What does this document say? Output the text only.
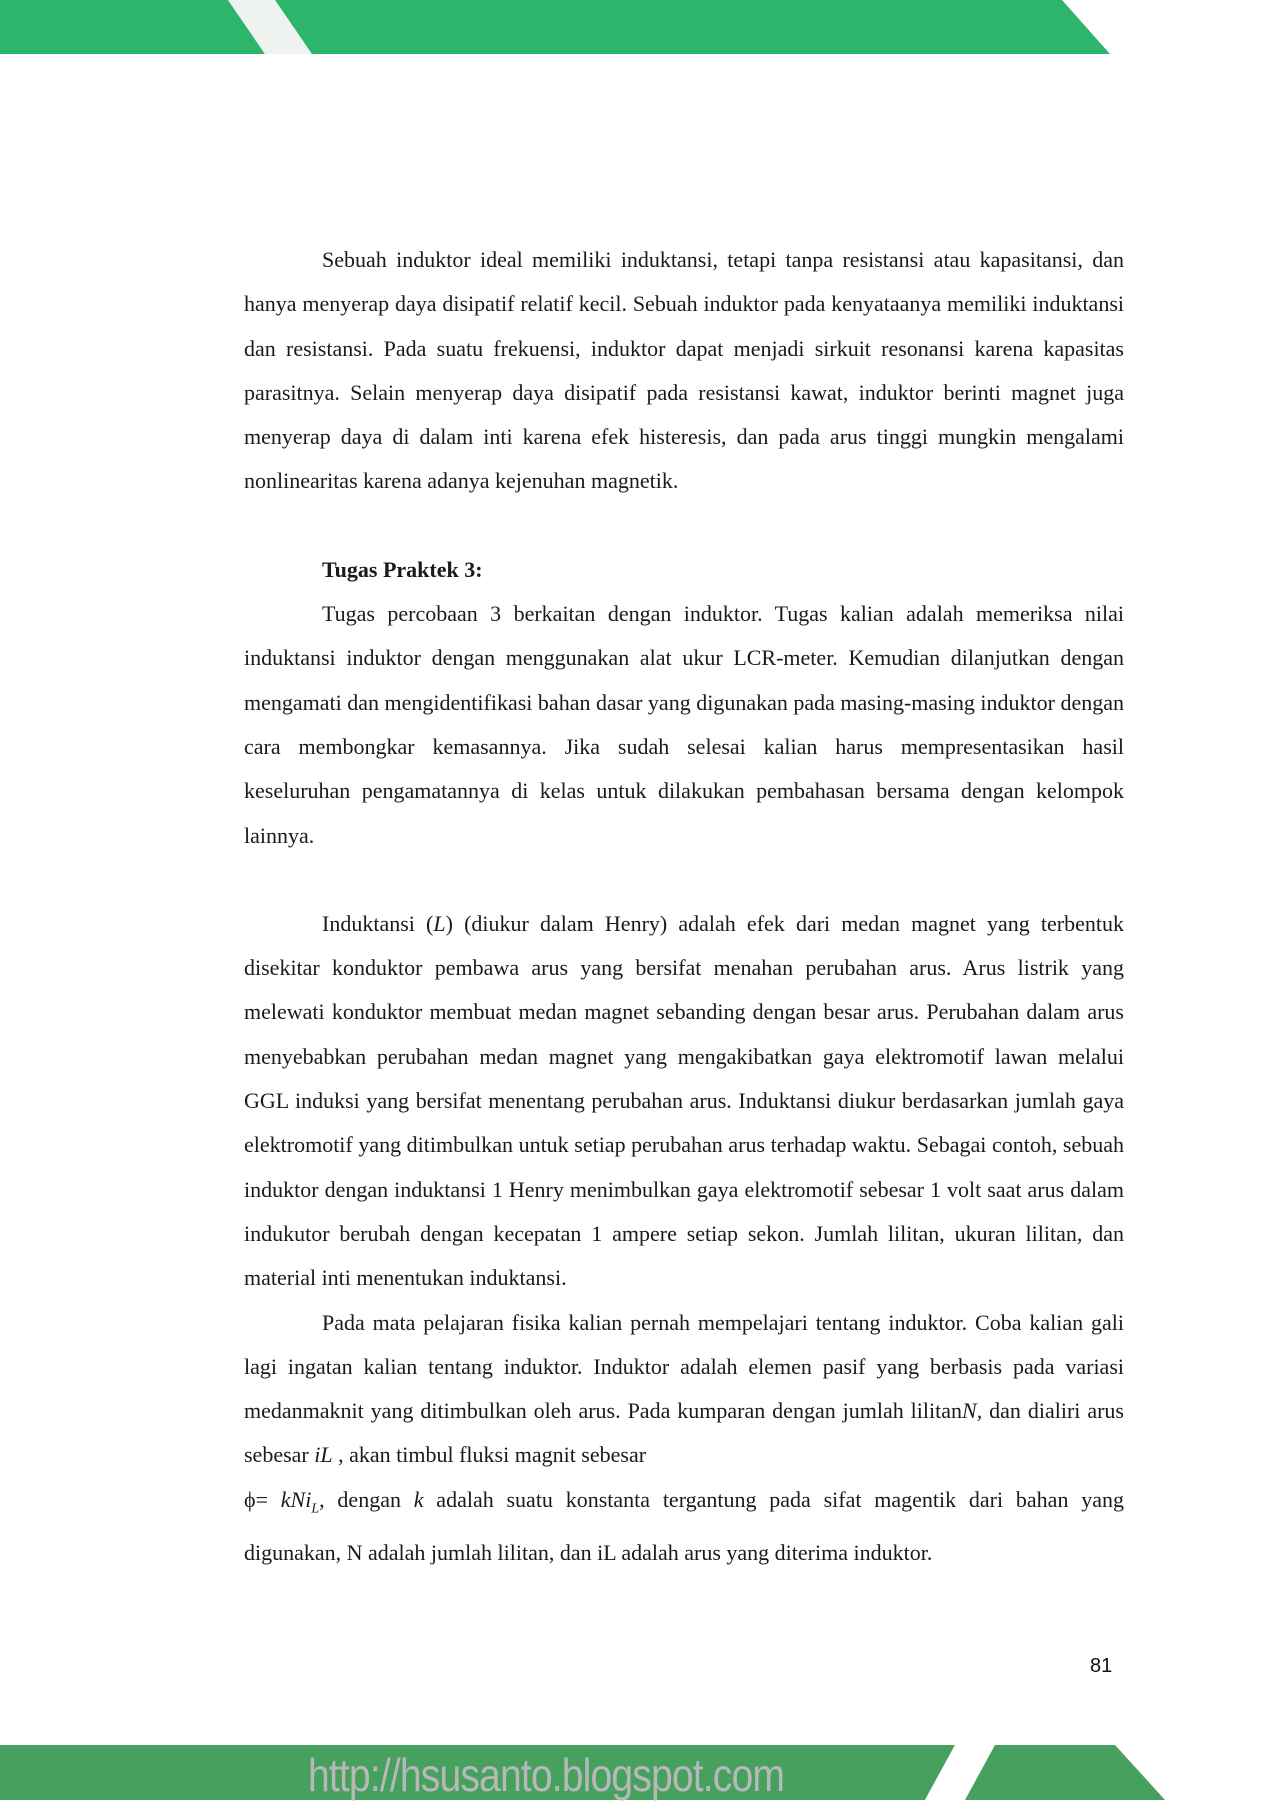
Sebuah induktor ideal memiliki induktansi, tetapi tanpa resistansi atau kapasitansi, dan hanya menyerap daya disipatif relatif kecil. Sebuah induktor pada kenyataanya memiliki induktansi dan resistansi. Pada suatu frekuensi, induktor dapat menjadi sirkuit resonansi karena kapasitas parasitnya. Selain menyerap daya disipatif pada resistansi kawat, induktor berinti magnet juga menyerap daya di dalam inti karena efek histeresis, dan pada arus tinggi mungkin mengalami nonlinearitas karena adanya kejenuhan magnetik.

Tugas Praktek 3:

Tugas percobaan 3 berkaitan dengan induktor. Tugas kalian adalah memeriksa nilai induktansi induktor dengan menggunakan alat ukur LCR-meter. Kemudian dilanjutkan dengan mengamati dan mengidentifikasi bahan dasar yang digunakan pada masing-masing induktor dengan cara membongkar kemasannya. Jika sudah selesai kalian harus mempresentasikan hasil keseluruhan pengamatannya di kelas untuk dilakukan pembahasan bersama dengan kelompok lainnya.

Induktansi (L) (diukur dalam Henry) adalah efek dari medan magnet yang terbentuk disekitar konduktor pembawa arus yang bersifat menahan perubahan arus. Arus listrik yang melewati konduktor membuat medan magnet sebanding dengan besar arus. Perubahan dalam arus menyebabkan perubahan medan magnet yang mengakibatkan gaya elektromotif lawan melalui GGL induksi yang bersifat menentang perubahan arus. Induktansi diukur berdasarkan jumlah gaya elektromotif yang ditimbulkan untuk setiap perubahan arus terhadap waktu. Sebagai contoh, sebuah induktor dengan induktansi 1 Henry menimbulkan gaya elektromotif sebesar 1 volt saat arus dalam indukutor berubah dengan kecepatan 1 ampere setiap sekon. Jumlah lilitan, ukuran lilitan, dan material inti menentukan induktansi.

Pada mata pelajaran fisika kalian pernah mempelajari tentang induktor. Coba kalian gali lagi ingatan kalian tentang induktor. Induktor adalah elemen pasif yang berbasis pada variasi medanmaknit yang ditimbulkan oleh arus. Pada kumparan dengan jumlah lilitanN, dan dialiri arus sebesar iL , akan timbul fluksi magnit sebesar
ϕ= kNi$_L$, dengan k adalah suatu konstanta tergantung pada sifat magentik dari bahan yang digunakan, N adalah jumlah lilitan, dan iL adalah arus yang diterima induktor.

81
http://hsusanto.blogspot.com
